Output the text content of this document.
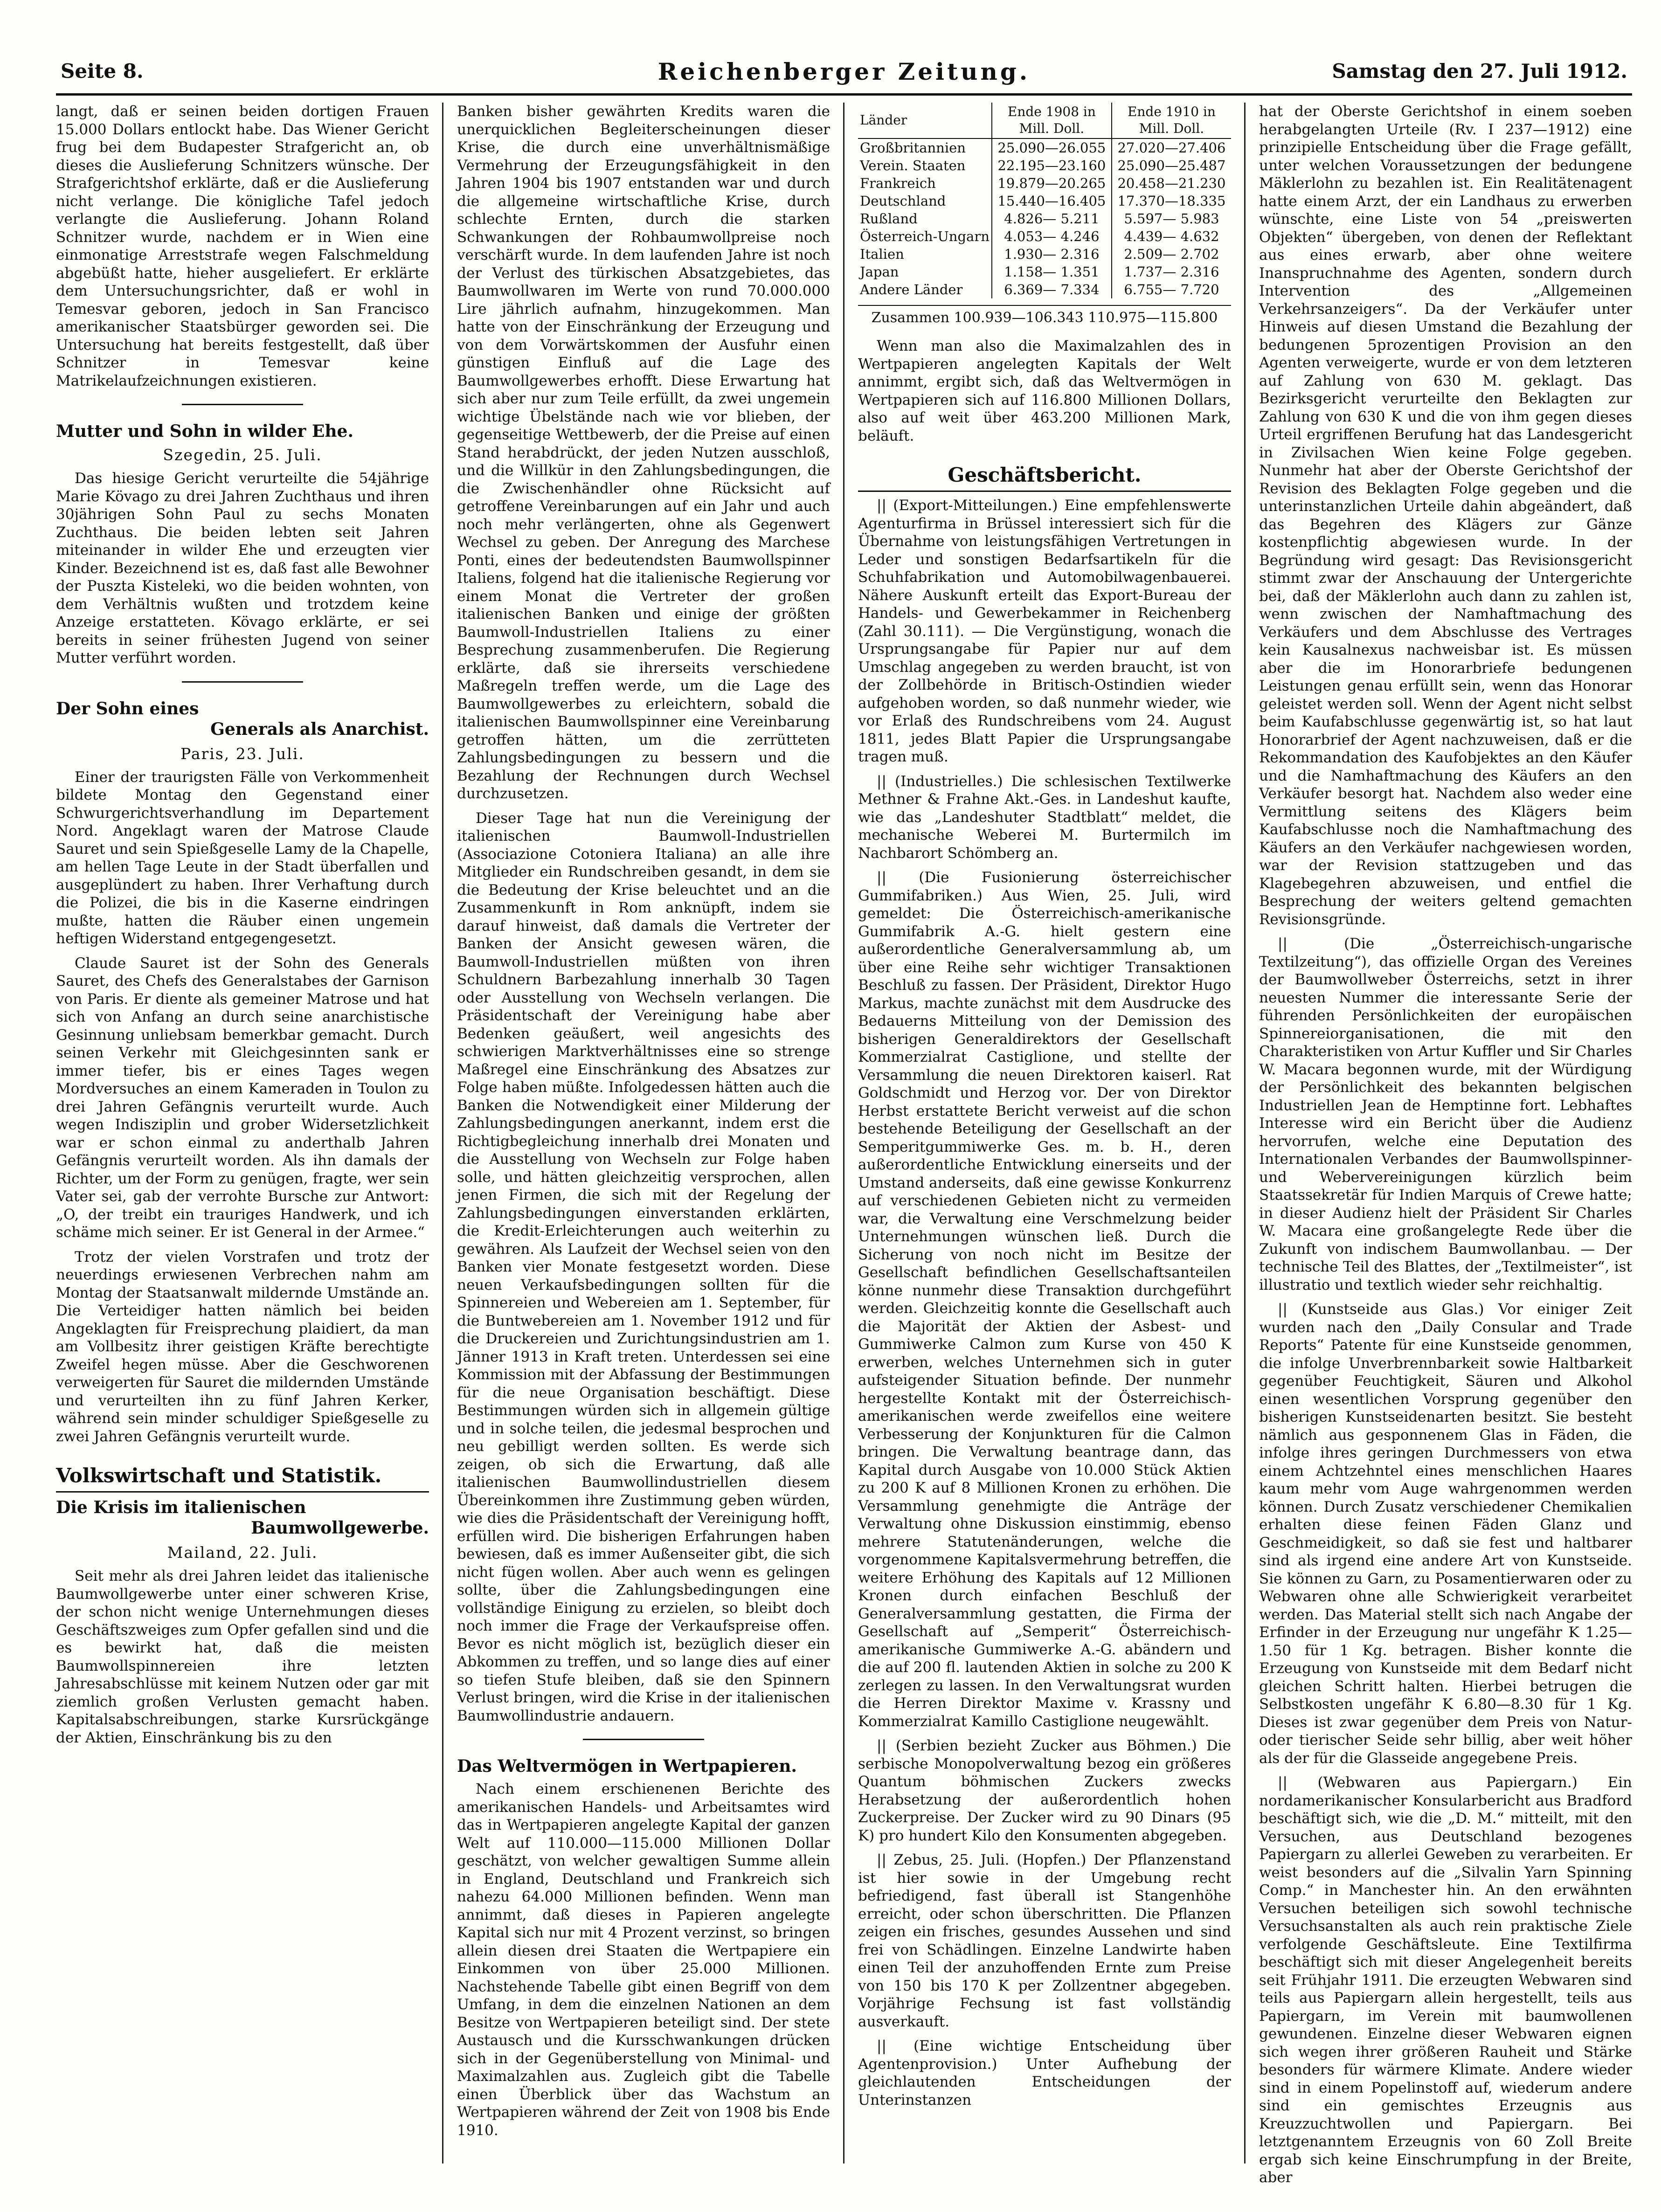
Seite 8.	Reichenberger Zeitung.	Samstag den 27. Juli 1912.

langt, daß er seinen beiden dortigen Frauen 15.000 Dollars entlockt habe. Das Wiener Gericht frug bei dem Budapester Strafgericht an, ob dieses die Auslieferung Schnitzers wünsche. Der Strafgerichtshof erklärte, daß er die Auslieferung nicht verlange. Die königliche Tafel jedoch verlangte die Auslieferung. Johann Roland Schnitzer wurde, nachdem er in Wien eine einmonatige Arreststrafe wegen Falschmeldung abgebüßt hatte, hieher ausgeliefert. Er erklärte dem Untersuchungsrichter, daß er wohl in Temesvar geboren, jedoch in San Francisco amerikanischer Staatsbürger geworden sei. Die Untersuchung hat bereits festgestellt, daß über Schnitzer in Temesvar keine Matrikelaufzeichnungen existieren.

Mutter und Sohn in wilder Ehe.
Szegedin, 25. Juli.

Das hiesige Gericht verurteilte die 54jährige Marie Kövago zu drei Jahren Zuchthaus und ihren 30jährigen Sohn Paul zu sechs Monaten Zuchthaus. Die beiden lebten seit Jahren miteinander in wilder Ehe und erzeugten vier Kinder. Bezeichnend ist es, daß fast alle Bewohner der Puszta Kisteleki, wo die beiden wohnten, von dem Verhältnis wußten und trotzdem keine Anzeige erstatteten. Kövago erklärte, er sei bereits in seiner frühesten Jugend von seiner Mutter verführt worden.

Der Sohn eines
Generals als Anarchist.
Paris, 23. Juli.

Einer der traurigsten Fälle von Verkommenheit bildete Montag den Gegenstand einer Schwurgerichtsverhandlung im Departement Nord. Angeklagt waren der Matrose Claude Sauret und sein Spießgeselle Lamy de la Chapelle, am hellen Tage Leute in der Stadt überfallen und ausgeplündert zu haben. Ihrer Verhaftung durch die Polizei, die bis in die Kaserne eindringen mußte, hatten die Räuber einen ungemein heftigen Widerstand entgegengesetzt.

Claude Sauret ist der Sohn des Generals Sauret, des Chefs des Generalstabes der Garnison von Paris. Er diente als gemeiner Matrose und hat sich von Anfang an durch seine anarchistische Gesinnung unliebsam bemerkbar gemacht. Durch seinen Verkehr mit Gleichgesinnten sank er immer tiefer, bis er eines Tages wegen Mordversuches an einem Kameraden in Toulon zu drei Jahren Gefängnis verurteilt wurde. Auch wegen Indisziplin und grober Widersetzlichkeit war er schon einmal zu anderthalb Jahren Gefängnis verurteilt worden. Als ihn damals der Richter, um der Form zu genügen, fragte, wer sein Vater sei, gab der verrohte Bursche zur Antwort: „O, der treibt ein trauriges Handwerk, und ich schäme mich seiner. Er ist General in der Armee.“

Trotz der vielen Vorstrafen und trotz der neuerdings erwiesenen Verbrechen nahm am Montag der Staatsanwalt mildernde Umstände an. Die Verteidiger hatten nämlich bei beiden Angeklagten für Freisprechung plaidiert, da man am Vollbesitz ihrer geistigen Kräfte berechtigte Zweifel hegen müsse. Aber die Geschworenen verweigerten für Sauret die mildernden Umstände und verurteilten ihn zu fünf Jahren Kerker, während sein minder schuldiger Spießgeselle zu zwei Jahren Gefängnis verurteilt wurde.

Volkswirtschaft und Statistik.
Die Krisis im italienischen
Baumwollgewerbe.
Mailand, 22. Juli.

Seit mehr als drei Jahren leidet das italienische Baumwollgewerbe unter einer schweren Krise, der schon nicht wenige Unternehmungen dieses Geschäftszweiges zum Opfer gefallen sind und die es bewirkt hat, daß die meisten Baumwollspinnereien ihre letzten Jahresabschlüsse mit keinem Nutzen oder gar mit ziemlich großen Verlusten gemacht haben. Kapitalsabschreibungen, starke Kursrückgänge der Aktien, Einschränkung bis zu den

Banken bisher gewährten Kredits waren die unerquicklichen Begleiterscheinungen dieser Krise, die durch eine unverhältnismäßige Vermehrung der Erzeugungsfähigkeit in den Jahren 1904 bis 1907 entstanden war und durch die allgemeine wirtschaftliche Krise, durch schlechte Ernten, durch die starken Schwankungen der Rohbaumwollpreise noch verschärft wurde. In dem laufenden Jahre ist noch der Verlust des türkischen Absatzgebietes, das Baumwollwaren im Werte von rund 70.000.000 Lire jährlich aufnahm, hinzugekommen. Man hatte von der Einschränkung der Erzeugung und von dem Vorwärtskommen der Ausfuhr einen günstigen Einfluß auf die Lage des Baumwollgewerbes erhofft. Diese Erwartung hat sich aber nur zum Teile erfüllt, da zwei ungemein wichtige Übelstände nach wie vor blieben, der gegenseitige Wettbewerb, der die Preise auf einen Stand herabdrückt, der jeden Nutzen ausschloß, und die Willkür in den Zahlungsbedingungen, die die Zwischenhändler ohne Rücksicht auf getroffene Vereinbarungen auf ein Jahr und auch noch mehr verlängerten, ohne als Gegenwert Wechsel zu geben. Der Anregung des Marchese Ponti, eines der bedeutendsten Baumwollspinner Italiens, folgend hat die italienische Regierung vor einem Monat die Vertreter der großen italienischen Banken und einige der größten Baumwoll-Industriellen Italiens zu einer Besprechung zusammenberufen. Die Regierung erklärte, daß sie ihrerseits verschiedene Maßregeln treffen werde, um die Lage des Baumwollgewerbes zu erleichtern, sobald die italienischen Baumwollspinner eine Vereinbarung getroffen hätten, um die zerrütteten Zahlungsbedingungen zu bessern und die Bezahlung der Rechnungen durch Wechsel durchzusetzen.

Dieser Tage hat nun die Vereinigung der italienischen Baumwoll-Industriellen (Associazione Cotoniera Italiana) an alle ihre Mitglieder ein Rundschreiben gesandt, in dem sie die Bedeutung der Krise beleuchtet und an die Zusammenkunft in Rom anknüpft, indem sie darauf hinweist, daß damals die Vertreter der Banken der Ansicht gewesen wären, die Baumwoll-Industriellen müßten von ihren Schuldnern Barbezahlung innerhalb 30 Tagen oder Ausstellung von Wechseln verlangen. Die Präsidentschaft der Vereinigung habe aber Bedenken geäußert, weil angesichts des schwierigen Marktverhältnisses eine so strenge Maßregel eine Einschränkung des Absatzes zur Folge haben müßte. Infolgedessen hätten auch die Banken die Notwendigkeit einer Milderung der Zahlungsbedingungen anerkannt, indem erst die Richtigbegleichung innerhalb drei Monaten und die Ausstellung von Wechseln zur Folge haben solle, und hätten gleichzeitig versprochen, allen jenen Firmen, die sich mit der Regelung der Zahlungsbedingungen einverstanden erklärten, die Kredit-Erleichterungen auch weiterhin zu gewähren. Als Laufzeit der Wechsel seien von den Banken vier Monate festgesetzt worden. Diese neuen Verkaufsbedingungen sollten für die Spinnereien und Webereien am 1. September, für die Buntwebereien am 1. November 1912 und für die Druckereien und Zurichtungsindustrien am 1. Jänner 1913 in Kraft treten. Unterdessen sei eine Kommission mit der Abfassung der Bestimmungen für die neue Organisation beschäftigt. Diese Bestimmungen würden sich in allgemein gültige und in solche teilen, die jedesmal besprochen und neu gebilligt werden sollten. Es werde sich zeigen, ob sich die Erwartung, daß alle italienischen Baumwollindustriellen diesem Übereinkommen ihre Zustimmung geben würden, wie dies die Präsidentschaft der Vereinigung hofft, erfüllen wird. Die bisherigen Erfahrungen haben bewiesen, daß es immer Außenseiter gibt, die sich nicht fügen wollen. Aber auch wenn es gelingen sollte, über die Zahlungsbedingungen eine vollständige Einigung zu erzielen, so bleibt doch noch immer die Frage der Verkaufspreise offen. Bevor es nicht möglich ist, bezüglich dieser ein Abkommen zu treffen, und so lange dies auf einer so tiefen Stufe bleiben, daß sie den Spinnern Verlust bringen, wird die Krise in der italienischen Baumwollindustrie andauern.

Das Weltvermögen in Wertpapieren.

Nach einem erschienenen Berichte des amerikanischen Handels- und Arbeitsamtes wird das in Wertpapieren angelegte Kapital der ganzen Welt auf 110.000—115.000 Millionen Dollar geschätzt, von welcher gewaltigen Summe allein in England, Deutschland und Frankreich sich nahezu 64.000 Millionen befinden. Wenn man annimmt, daß dieses in Papieren angelegte Kapital sich nur mit 4 Prozent verzinst, so bringen allein diesen drei Staaten die Wertpapiere ein Einkommen von über 25.000 Millionen. Nachstehende Tabelle gibt einen Begriff von dem Umfang, in dem die einzelnen Nationen an dem Besitze von Wertpapieren beteiligt sind. Der stete Austausch und die Kursschwankungen drücken sich in der Gegenüberstellung von Minimal- und Maximalzahlen aus. Zugleich gibt die Tabelle einen Überblick über das Wachstum an Wertpapieren während der Zeit von 1908 bis Ende 1910.

Länder	Ende 1908 in Mill. Doll.	Ende 1910 in Mill. Doll.
Großbritannien	25.090—26.055	27.020—27.406
Verein. Staaten	22.195—23.160	25.090—25.487
Frankreich	19.879—20.265	20.458—21.230
Deutschland	15.440—16.405	17.370—18.335
Rußland	4.826— 5.211	5.597— 5.983
Österreich-Ungarn	4.053— 4.246	4.439— 4.632
Italien	1.930— 2.316	2.509— 2.702
Japan	1.158— 1.351	1.737— 2.316
Andere Länder	6.369— 7.334	6.755— 7.720
Zusammen 100.939—106.343 110.975—115.800

Wenn man also die Maximalzahlen des in Wertpapieren angelegten Kapitals der Welt annimmt, ergibt sich, daß das Weltvermögen in Wertpapieren sich auf 116.800 Millionen Dollars, also auf weit über 463.200 Millionen Mark, beläuft.

Geschäftsbericht.

|| (Export-Mitteilungen.) Eine empfehlenswerte Agenturfirma in Brüssel interessiert sich für die Übernahme von leistungsfähigen Vertretungen in Leder und sonstigen Bedarfsartikeln für die Schuhfabrikation und Automobilwagenbauerei. Nähere Auskunft erteilt das Export-Bureau der Handels- und Gewerbekammer in Reichenberg (Zahl 30.111). — Die Vergünstigung, wonach die Ursprungsangabe für Papier nur auf dem Umschlag angegeben zu werden braucht, ist von der Zollbehörde in Britisch-Ostindien wieder aufgehoben worden, so daß nunmehr wieder, wie vor Erlaß des Rundschreibens vom 24. August 1811, jedes Blatt Papier die Ursprungsangabe tragen muß.

|| (Industrielles.) Die schlesischen Textilwerke Methner & Frahne Akt.-Ges. in Landeshut kaufte, wie das „Landeshuter Stadtblatt“ meldet, die mechanische Weberei M. Burtermilch im Nachbarort Schömberg an.

|| (Die Fusionierung österreichischer Gummifabriken.) Aus Wien, 25. Juli, wird gemeldet: Die Österreichisch-amerikanische Gummifabrik A.-G. hielt gestern eine außerordentliche Generalversammlung ab, um über eine Reihe sehr wichtiger Transaktionen Beschluß zu fassen. Der Präsident, Direktor Hugo Markus, machte zunächst mit dem Ausdrucke des Bedauerns Mitteilung von der Demission des bisherigen Generaldirektors der Gesellschaft Kommerzialrat Castiglione, und stellte der Versammlung die neuen Direktoren kaiserl. Rat Goldschmidt und Herzog vor. Der von Direktor Herbst erstattete Bericht verweist auf die schon bestehende Beteiligung der Gesellschaft an der Semperitgummiwerke Ges. m. b. H., deren außerordentliche Entwicklung einerseits und der Umstand anderseits, daß eine gewisse Konkurrenz auf verschiedenen Gebieten nicht zu vermeiden war, die Verwaltung eine Verschmelzung beider Unternehmungen wünschen ließ. Durch die Sicherung von noch nicht im Besitze der Gesellschaft befindlichen Gesellschaftsanteilen könne nunmehr diese Transaktion durchgeführt werden. Gleichzeitig konnte die Gesellschaft auch die Majorität der Aktien der Asbest- und Gummiwerke Calmon zum Kurse von 450 K erwerben, welches Unternehmen sich in guter aufsteigender Situation befinde. Der nunmehr hergestellte Kontakt mit der Österreichisch-amerikanischen werde zweifellos eine weitere Verbesserung der Konjunkturen für die Calmon bringen. Die Verwaltung beantrage dann, das Kapital durch Ausgabe von 10.000 Stück Aktien zu 200 K auf 8 Millionen Kronen zu erhöhen. Die Versammlung genehmigte die Anträge der Verwaltung ohne Diskussion einstimmig, ebenso mehrere Statutenänderungen, welche die vorgenommene Kapitalsvermehrung betreffen, die weitere Erhöhung des Kapitals auf 12 Millionen Kronen durch einfachen Beschluß der Generalversammlung gestatten, die Firma der Gesellschaft auf „Semperit“ Österreichisch-amerikanische Gummiwerke A.-G. abändern und die auf 200 fl. lautenden Aktien in solche zu 200 K zerlegen zu lassen. In den Verwaltungsrat wurden die Herren Direktor Maxime v. Krassny und Kommerzialrat Kamillo Castiglione neugewählt.

|| (Serbien bezieht Zucker aus Böhmen.) Die serbische Monopolverwaltung bezog ein größeres Quantum böhmischen Zuckers zwecks Herabsetzung der außerordentlich hohen Zuckerpreise. Der Zucker wird zu 90 Dinars (95 K) pro hundert Kilo den Konsumenten abgegeben.

|| Zebus, 25. Juli. (Hopfen.) Der Pflanzenstand ist hier sowie in der Umgebung recht befriedigend, fast überall ist Stangenhöhe erreicht, oder schon überschritten. Die Pflanzen zeigen ein frisches, gesundes Aussehen und sind frei von Schädlingen. Einzelne Landwirte haben einen Teil der anzuhoffenden Ernte zum Preise von 150 bis 170 K per Zollzentner abgegeben. Vorjährige Fechsung ist fast vollständig ausverkauft.

|| (Eine wichtige Entscheidung über Agentenprovision.) Unter Aufhebung der gleichlautenden Entscheidungen der Unterinstanzen

hat der Oberste Gerichtshof in einem soeben herabgelangten Urteile (Rv. I 237—1912) eine prinzipielle Entscheidung über die Frage gefällt, unter welchen Voraussetzungen der bedungene Mäklerlohn zu bezahlen ist. Ein Realitätenagent hatte einem Arzt, der ein Landhaus zu erwerben wünschte, eine Liste von 54 „preiswerten Objekten“ übergeben, von denen der Reflektant aus eines erwarb, aber ohne weitere Inanspruchnahme des Agenten, sondern durch Intervention des „Allgemeinen Verkehrsanzeigers“. Da der Verkäufer unter Hinweis auf diesen Umstand die Bezahlung der bedungenen 5prozentigen Provision an den Agenten verweigerte, wurde er von dem letzteren auf Zahlung von 630 M. geklagt. Das Bezirksgericht verurteilte den Beklagten zur Zahlung von 630 K und die von ihm gegen dieses Urteil ergriffenen Berufung hat das Landesgericht in Zivilsachen Wien keine Folge gegeben. Nunmehr hat aber der Oberste Gerichtshof der Revision des Beklagten Folge gegeben und die unterinstanzlichen Urteile dahin abgeändert, daß das Begehren des Klägers zur Gänze kostenpflichtig abgewiesen wurde. In der Begründung wird gesagt: Das Revisionsgericht stimmt zwar der Anschauung der Untergerichte bei, daß der Mäklerlohn auch dann zu zahlen ist, wenn zwischen der Namhaftmachung des Verkäufers und dem Abschlusse des Vertrages kein Kausalnexus nachweisbar ist. Es müssen aber die im Honorarbriefe bedungenen Leistungen genau erfüllt sein, wenn das Honorar geleistet werden soll. Wenn der Agent nicht selbst beim Kaufabschlusse gegenwärtig ist, so hat laut Honorarbrief der Agent nachzuweisen, daß er die Rekommandation des Kaufobjektes an den Käufer und die Namhaftmachung des Käufers an den Verkäufer besorgt hat. Nachdem also weder eine Vermittlung seitens des Klägers beim Kaufabschlusse noch die Namhaftmachung des Käufers an den Verkäufer nachgewiesen worden, war der Revision stattzugeben und das Klagebegehren abzuweisen, und entfiel die Besprechung der weiters geltend gemachten Revisionsgründe.

|| (Die „Österreichisch-ungarische Textilzeitung“), das offizielle Organ des Vereines der Baumwollweber Österreichs, setzt in ihrer neuesten Nummer die interessante Serie der führenden Persönlichkeiten der europäischen Spinnereiorganisationen, die mit den Charakteristiken von Artur Kuffler und Sir Charles W. Macara begonnen wurde, mit der Würdigung der Persönlichkeit des bekannten belgischen Industriellen Jean de Hemptinne fort. Lebhaftes Interesse wird ein Bericht über die Audienz hervorrufen, welche eine Deputation des Internationalen Verbandes der Baumwollspinner- und Webervereinigungen kürzlich beim Staatssekretär für Indien Marquis of Crewe hatte; in dieser Audienz hielt der Präsident Sir Charles W. Macara eine großangelegte Rede über die Zukunft von indischem Baumwollanbau. — Der technische Teil des Blattes, der „Textilmeister“, ist illustratio und textlich wieder sehr reichhaltig.

|| (Kunstseide aus Glas.) Vor einiger Zeit wurden nach den „Daily Consular and Trade Reports“ Patente für eine Kunstseide genommen, die infolge Unverbrennbarkeit sowie Haltbarkeit gegenüber Feuchtigkeit, Säuren und Alkohol einen wesentlichen Vorsprung gegenüber den bisherigen Kunstseidenarten besitzt. Sie besteht nämlich aus gesponnenem Glas in Fäden, die infolge ihres geringen Durchmessers von etwa einem Achtzehntel eines menschlichen Haares kaum mehr vom Auge wahrgenommen werden können. Durch Zusatz verschiedener Chemikalien erhalten diese feinen Fäden Glanz und Geschmeidigkeit, so daß sie fest und haltbarer sind als irgend eine andere Art von Kunstseide. Sie können zu Garn, zu Posamentierwaren oder zu Webwaren ohne alle Schwierigkeit verarbeitet werden. Das Material stellt sich nach Angabe der Erfinder in der Erzeugung nur ungefähr K 1.25—1.50 für 1 Kg. betragen. Bisher konnte die Erzeugung von Kunstseide mit dem Bedarf nicht gleichen Schritt halten. Hierbei betrugen die Selbstkosten ungefähr K 6.80—8.30 für 1 Kg. Dieses ist zwar gegenüber dem Preis von Natur- oder tierischer Seide sehr billig, aber weit höher als der für die Glasseide angegebene Preis.

|| (Webwaren aus Papiergarn.) Ein nordamerikanischer Konsularbericht aus Bradford beschäftigt sich, wie die „D. M.“ mitteilt, mit den Versuchen, aus Deutschland bezogenes Papiergarn zu allerlei Geweben zu verarbeiten. Er weist besonders auf die „Silvalin Yarn Spinning Comp.“ in Manchester hin. An den erwähnten Versuchen beteiligen sich sowohl technische Versuchsanstalten als auch rein praktische Ziele verfolgende Geschäftsleute. Eine Textilfirma beschäftigt sich mit dieser Angelegenheit bereits seit Frühjahr 1911. Die erzeugten Webwaren sind teils aus Papiergarn allein hergestellt, teils aus Papiergarn, im Verein mit baumwollenen gewundenen. Einzelne dieser Webwaren eignen sich wegen ihrer größeren Rauheit und Stärke besonders für wärmere Klimate. Andere wieder sind in einem Popelinstoff auf, wiederum andere sind ein gemischtes Erzeugnis aus Kreuzzuchtwollen und Papiergarn. Bei letztgenanntem Erzeugnis von 60 Zoll Breite ergab sich keine Einschrumpfung in der Breite, aber
